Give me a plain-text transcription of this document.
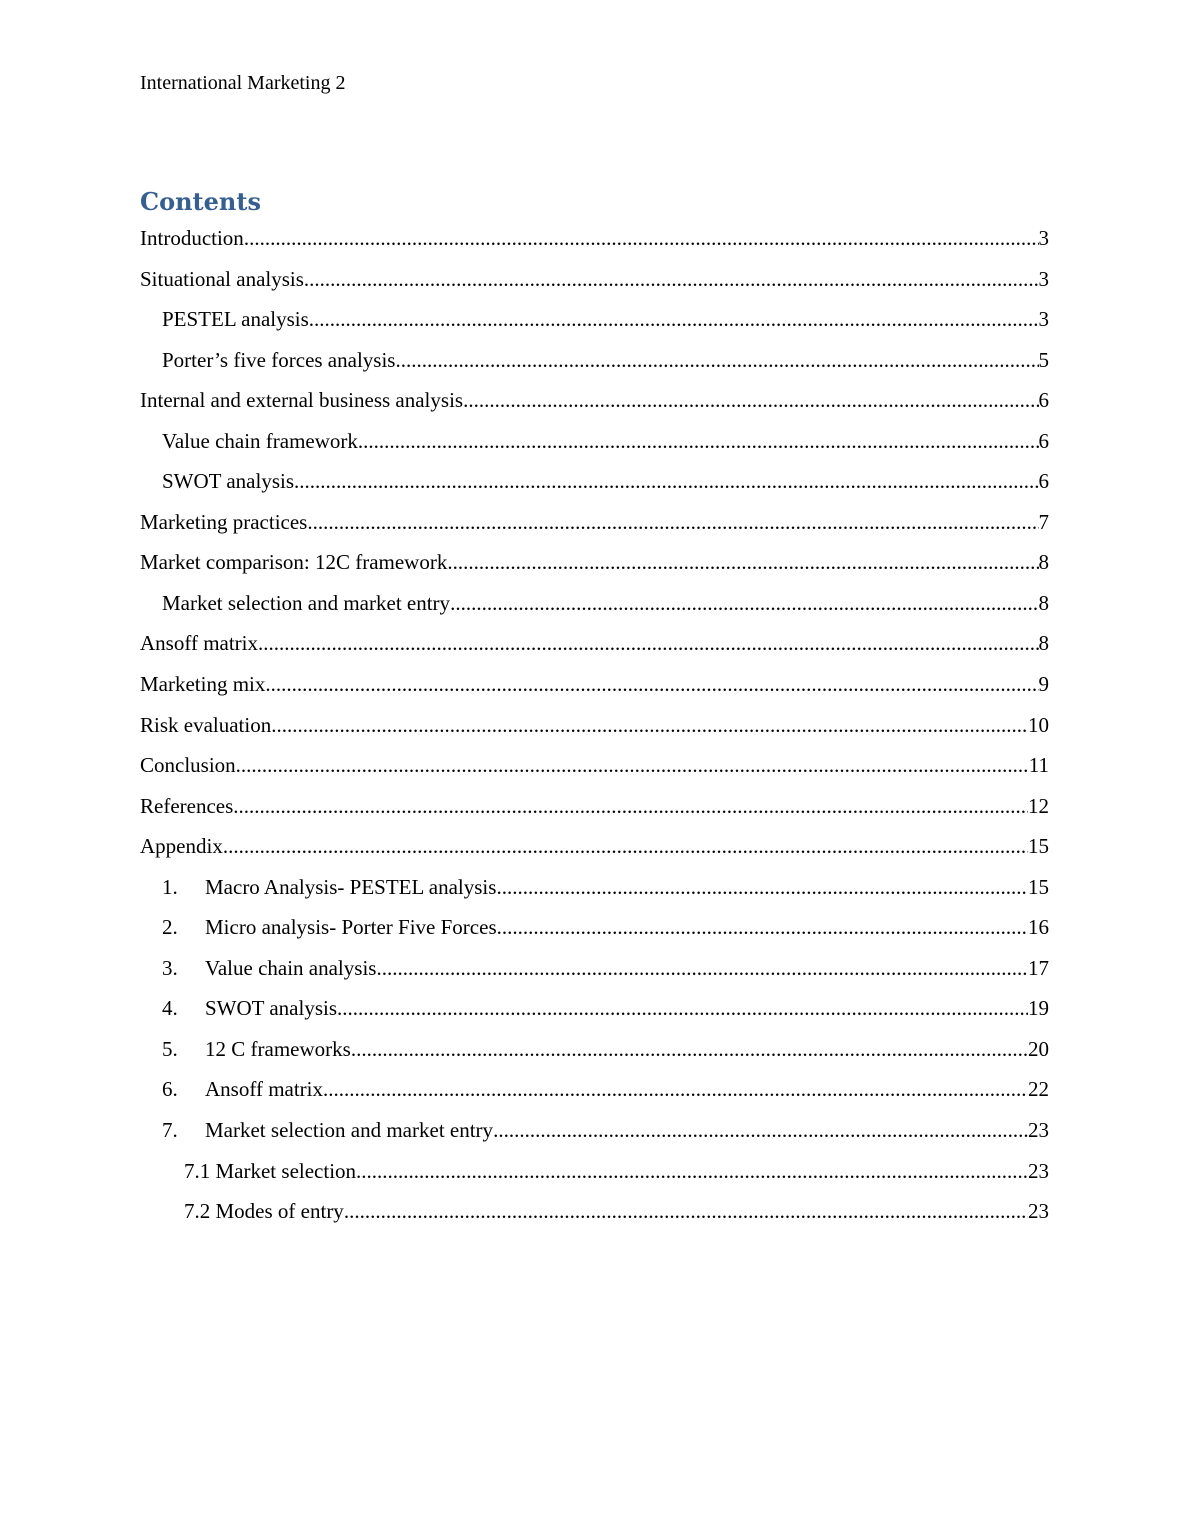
International Marketing 2
Contents
Introduction .....	3
Situational analysis .....	3
PESTEL analysis .....	3
Porter’s five forces analysis .....	5
Internal and external business analysis .....	6
Value chain framework .....	6
SWOT analysis .....	6
Marketing practices .....	7
Market comparison: 12C framework .....	8
Market selection and market entry .....	8
Ansoff matrix .....	8
Marketing mix .....	9
Risk evaluation .....	10
Conclusion .....	11
References .....	12
Appendix .....	15
1.	Macro Analysis- PESTEL analysis .....	15
2.	Micro analysis- Porter Five Forces .....	16
3.	Value chain analysis .....	17
4.	SWOT analysis .....	19
5.	12 C frameworks .....	20
6.	Ansoff matrix .....	22
7.	Market selection and market entry .....	23
7.1 Market selection .....	23
7.2 Modes of entry .....	23
